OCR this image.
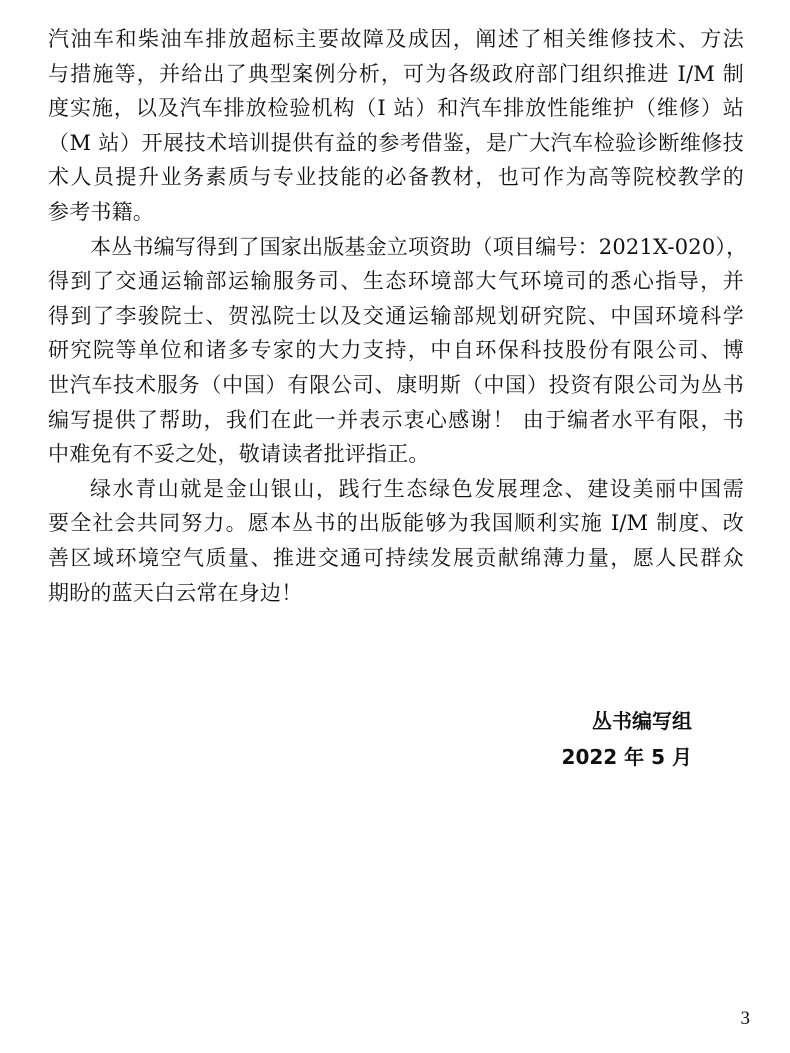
汽油车和柴油车排放超标主要故障及成因，阐述了相关维修技术、方法
与措施等，并给出了典型案例分析，可为各级政府部门组织推进 I/M 制
度实施，以及汽车排放检验机构（I 站）和汽车排放性能维护（维修）站
（M 站）开展技术培训提供有益的参考借鉴，是广大汽车检验诊断维修技
术人员提升业务素质与专业技能的必备教材，也可作为高等院校教学的
参考书籍。
本丛书编写得到了国家出版基金立项资助（项目编号：2021X-020），
得到了交通运输部运输服务司、生态环境部大气环境司的悉心指导，并
得到了李骏院士、贺泓院士以及交通运输部规划研究院、中国环境科学
研究院等单位和诸多专家的大力支持，中自环保科技股份有限公司、博
世汽车技术服务（中国）有限公司、康明斯（中国）投资有限公司为丛书
编写提供了帮助，我们在此一并表示衷心感谢！ 由于编者水平有限，书
中难免有不妥之处，敬请读者批评指正。
绿水青山就是金山银山，践行生态绿色发展理念、建设美丽中国需
要全社会共同努力。愿本丛书的出版能够为我国顺利实施 I/M 制度、改
善区域环境空气质量、推进交通可持续发展贡献绵薄力量，愿人民群众
期盼的蓝天白云常在身边！
丛书编写组
2022 年 5 月
3
